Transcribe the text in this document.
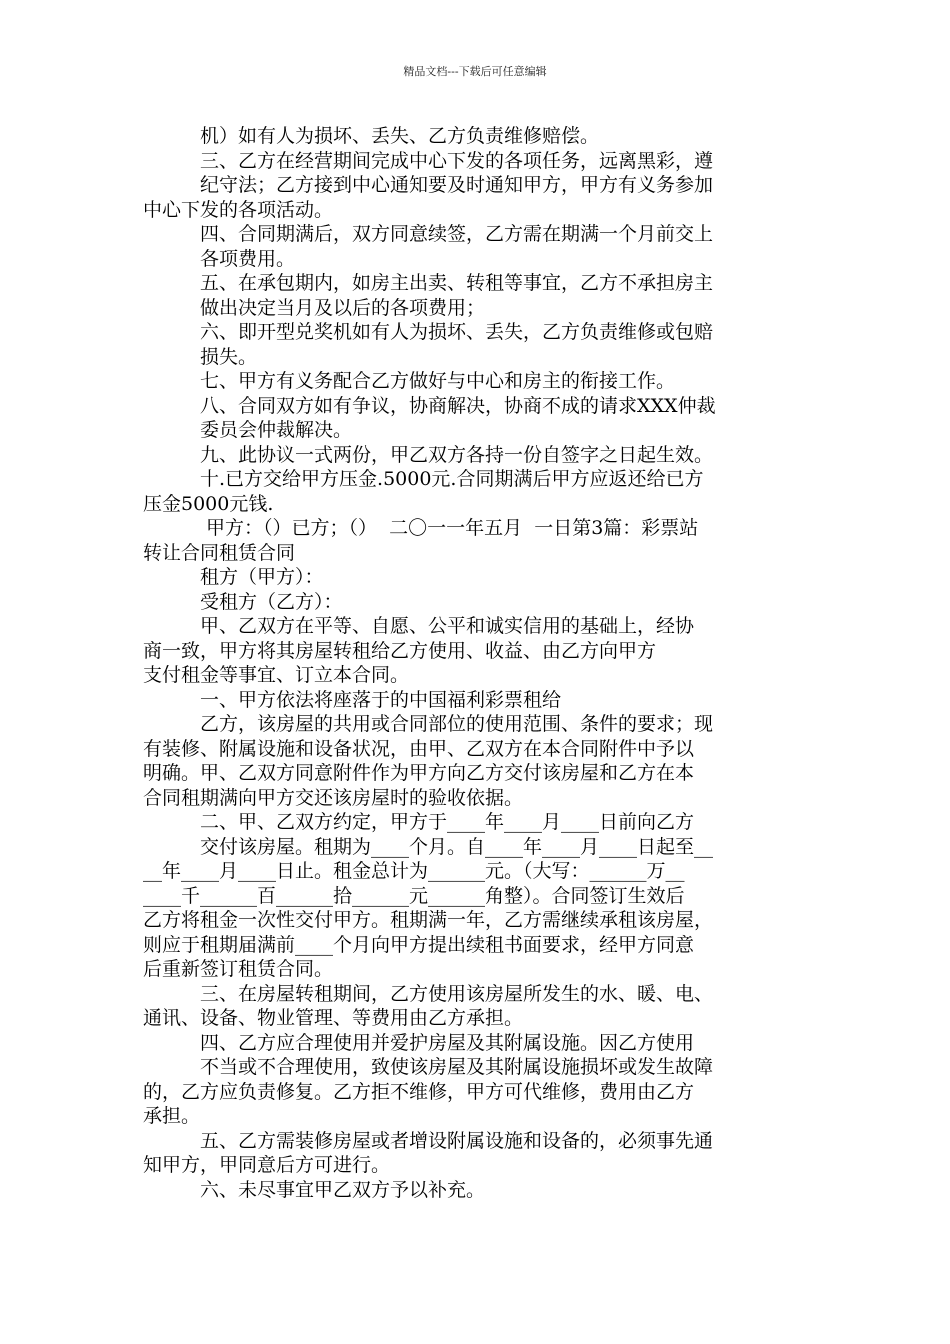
精品文档---下载后可任意编辑
机）如有人为损坏、丢失、乙方负责维修赔偿。
三、乙方在经营期间完成中心下发的各项任务，远离黑彩，遵
纪守法；乙方接到中心通知要及时通知甲方，甲方有义务参加
中心下发的各项活动。
四、合同期满后，双方同意续签，乙方需在期满一个月前交上
各项费用。
五、在承包期内，如房主出卖、转租等事宜，乙方不承担房主
做出决定当月及以后的各项费用；
六、即开型兑奖机如有人为损坏、丢失，乙方负责维修或包赔
损失。
七、甲方有义务配合乙方做好与中心和房主的衔接工作。
八、合同双方如有争议，协商解决，协商不成的请求XXX仲裁
委员会仲裁解决。
九、此协议一式两份，甲乙双方各持一份自签字之日起生效。
十.已方交给甲方压金.5000元.合同期满后甲方应返还给已方
压金5000元钱.
甲方：（）已方；（）  二〇一一年五月  一日第3篇：彩票站
转让合同租赁合同
租方（甲方）：
受租方（乙方）：
甲、乙双方在平等、自愿、公平和诚实信用的基础上，经协
商一致，甲方将其房屋转租给乙方使用、收益、由乙方向甲方
支付租金等事宜、订立本合同。
一、甲方依法将座落于的中国福利彩票租给
乙方，该房屋的共用或合同部位的使用范围、条件的要求；现
有装修、附属设施和设备状况，由甲、乙双方在本合同附件中予以
明确。甲、乙双方同意附件作为甲方向乙方交付该房屋和乙方在本
合同租期满向甲方交还该房屋时的验收依据。
二、甲、乙双方约定，甲方于____年____月____日前向乙方
交付该房屋。租期为____个月。自____年____月____日起至__
__年____月____日止。租金总计为______元。（大写：______万__
____千______百______拾______元______角整）。合同签订生效后
乙方将租金一次性交付甲方。租期满一年，乙方需继续承租该房屋，
则应于租期届满前____个月向甲方提出续租书面要求，经甲方同意
后重新签订租赁合同。
三、在房屋转租期间，乙方使用该房屋所发生的水、暖、电、
通讯、设备、物业管理、等费用由乙方承担。
四、乙方应合理使用并爱护房屋及其附属设施。因乙方使用
不当或不合理使用，致使该房屋及其附属设施损坏或发生故障
的，乙方应负责修复。乙方拒不维修，甲方可代维修，费用由乙方
承担。
五、乙方需装修房屋或者增设附属设施和设备的，必须事先通
知甲方，甲同意后方可进行。
六、未尽事宜甲乙双方予以补充。
